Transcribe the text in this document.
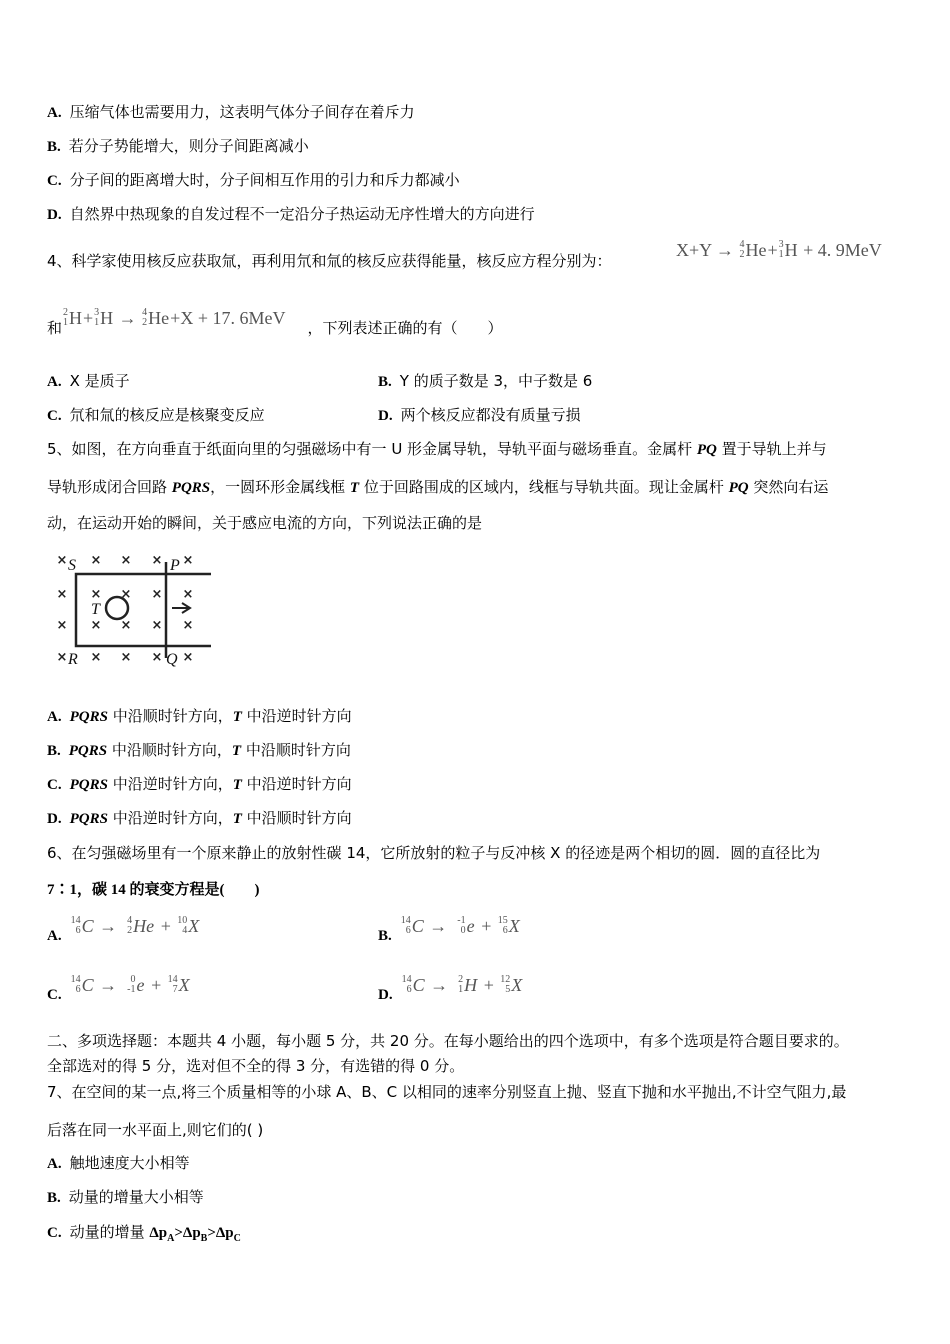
A. 压缩气体也需要用力，这表明气体分子间存在着斥力
B. 若分子势能增大，则分子间距离减小
C. 分子间的距离增大时，分子间相互作用的引力和斥力都减小
D. 自然界中热现象的自发过程不一定沿分子热运动无序性增大的方向进行
4、科学家使用核反应获取氚，再利用氘和氚的核反应获得能量，核反应方程分别为：
X+Y → 4
2 He + 3
1 H + 4. 9MeV
和
2
1 H + 3
1 H → 4
2 He +X + 17. 6MeV ，下列表述正确的有（　　）
A. X 是质子	B. Y 的质子数是 3，中子数是 6
C. 氘和氚的核反应是核聚变反应	D. 两个核反应都没有质量亏损
5、如图，在方向垂直于纸面向里的匀强磁场中有一 U 形金属导轨，导轨平面与磁场垂直。金属杆 PQ 置于导轨上并与
导轨形成闭合回路 PQRS，一圆环形金属线框 T 位于回路围成的区域内，线框与导轨共面。现让金属杆 PQ 突然向右运
动，在运动开始的瞬间，关于感应电流的方向，下列说法正确的是
× × × × ×
× × × × ×
× × × × ×
× × × × ×
S	P
R	Q
T
A. PQRS 中沿顺时针方向，T 中沿逆时针方向
B. PQRS 中沿顺时针方向，T 中沿顺时针方向
C. PQRS 中沿逆时针方向，T 中沿逆时针方向
D. PQRS 中沿逆时针方向，T 中沿顺时针方向
6、在匀强磁场里有一个原来静止的放射性碳 14，它所放射的粒子与反冲核 X 的径迹是两个相切的圆．圆的直径比为
7∶1，碳 14 的衰变方程是(　　)
A.
14
6 C → 4
2 He + 10
4 X	B.
14
6 C → -1
0 e + 15
6 X
C.
14
6 C → 0
-1 e + 14
7 X	D.
14
6 C → 2
1 H + 12
5 X
二、多项选择题：本题共 4 小题，每小题 5 分，共 20 分。在每小题给出的四个选项中，有多个选项是符合题目要求的。
全部选对的得 5 分，选对但不全的得 3 分，有选错的得 0 分。
7、在空间的某一点,将三个质量相等的小球 A、B、C 以相同的速率分别竖直上抛、竖直下抛和水平抛出,不计空气阻力,最
后落在同一水平面上,则它们的( )
A. 触地速度大小相等
B. 动量的增量大小相等
C. 动量的增量 $\Delta p_A>\Delta p_B>\Delta p_C$
